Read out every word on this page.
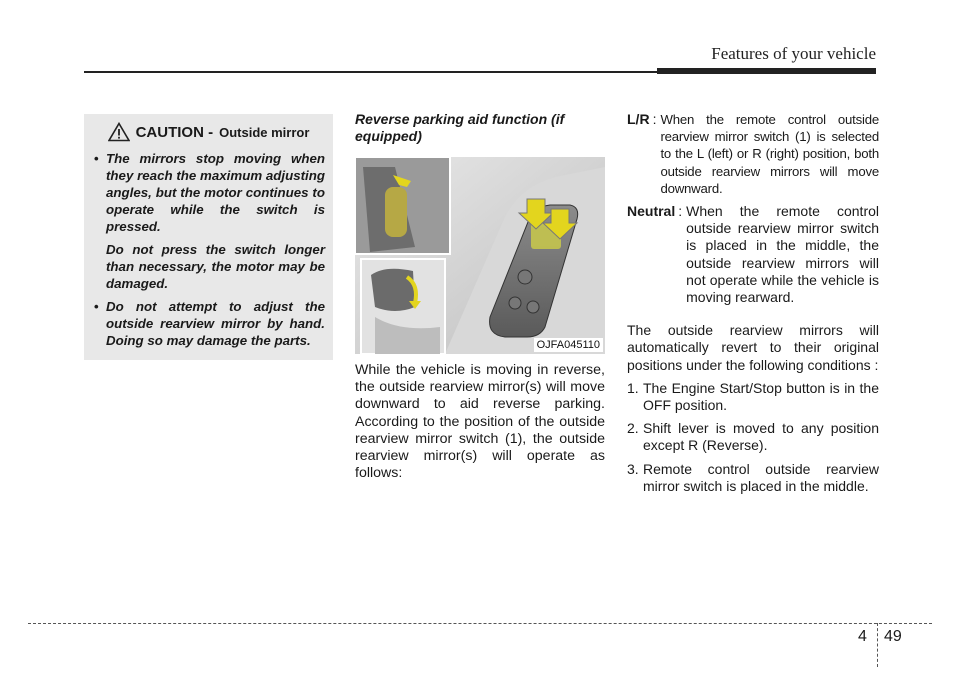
Features of your vehicle
CAUTION - Outside mirror

• The mirrors stop moving when they reach the maximum adjusting angles, but the motor continues to operate while the switch is pressed.

Do not press the switch longer than necessary, the motor may be damaged.

• Do not attempt to adjust the outside rearview mirror by hand. Doing so may damage the parts.

Reverse parking aid function (if equipped)
OJFA045110

While the vehicle is moving in reverse, the outside rearview mirror(s) will move downward to aid reverse parking. According to the position of the outside rearview mirror switch (1), the outside rearview mirror(s) will operate as follows:

L/R : When the remote control outside rearview mirror switch (1) is selected to the L (left) or R (right) position, both outside rearview mirrors will move downward.
Neutral : When the remote control outside rearview mirror switch is placed in the middle, the outside rearview mirrors will not operate while the vehicle is moving rearward.

The outside rearview mirrors will automatically revert to their original positions under the following conditions :

1. The Engine Start/Stop button is in the OFF position.
2. Shift lever is moved to any position except R (Reverse).
3. Remote control outside rearview mirror switch is placed in the middle.
4 49
